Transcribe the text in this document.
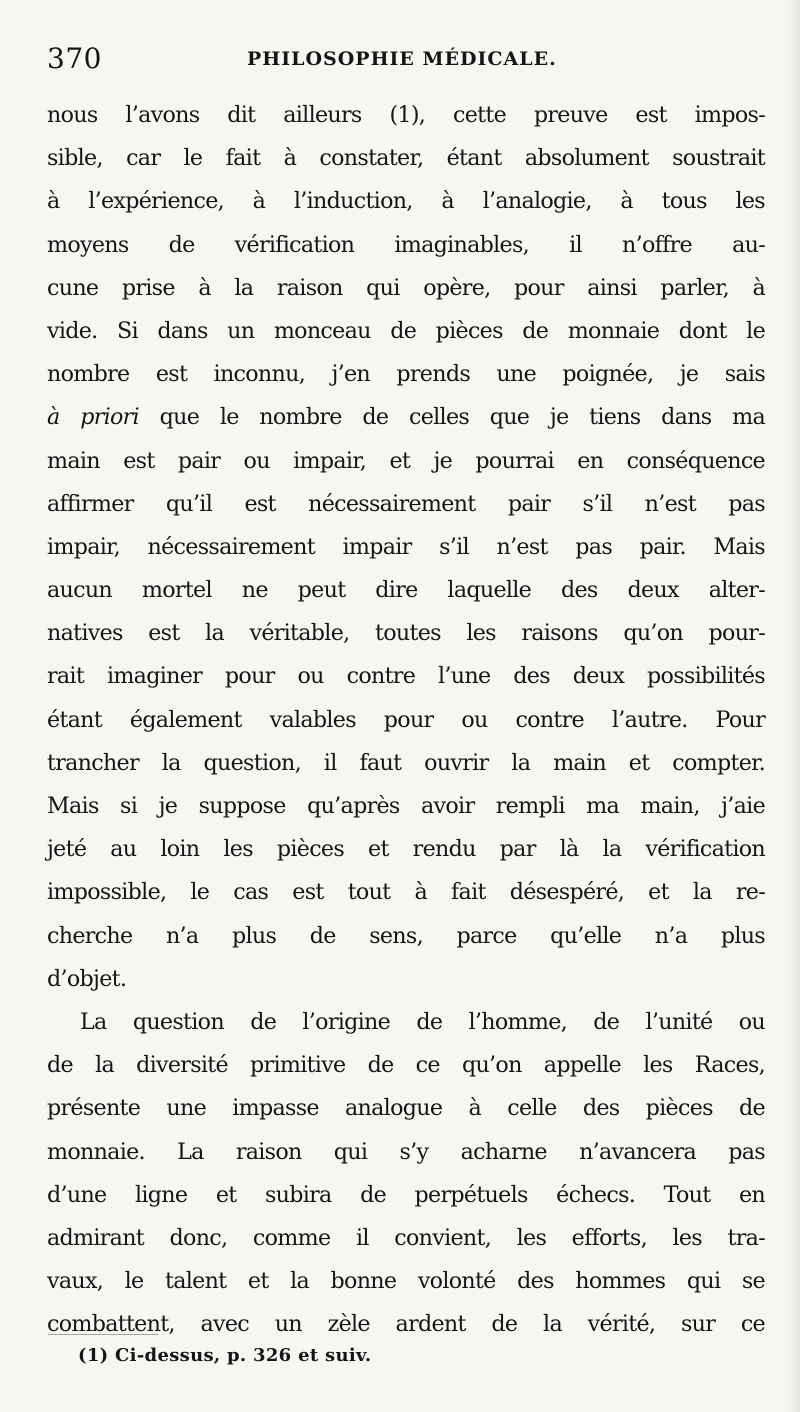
370	PHILOSOPHIE MÉDICALE.
nous l’avons dit ailleurs (1), cette preuve est impos-
sible, car le fait à constater, étant absolument soustrait
à l’expérience, à l’induction, à l’analogie, à tous les
moyens de vérification imaginables, il n’offre au-
cune prise à la raison qui opère, pour ainsi parler, à
vide. Si dans un monceau de pièces de monnaie dont le
nombre est inconnu, j’en prends une poignée, je sais
à priori que le nombre de celles que je tiens dans ma
main est pair ou impair, et je pourrai en conséquence
affirmer qu’il est nécessairement pair s’il n’est pas
impair, nécessairement impair s’il n’est pas pair. Mais
aucun mortel ne peut dire laquelle des deux alter-
natives est la véritable, toutes les raisons qu’on pour-
rait imaginer pour ou contre l’une des deux possibilités
étant également valables pour ou contre l’autre. Pour
trancher la question, il faut ouvrir la main et compter.
Mais si je suppose qu’après avoir rempli ma main, j’aie
jeté au loin les pièces et rendu par là la vérification
impossible, le cas est tout à fait désespéré, et la re-
cherche n’a plus de sens, parce qu’elle n’a plus
d’objet.
La question de l’origine de l’homme, de l’unité ou
de la diversité primitive de ce qu’on appelle les Races,
présente une impasse analogue à celle des pièces de
monnaie. La raison qui s’y acharne n’avancera pas
d’une ligne et subira de perpétuels échecs. Tout en
admirant donc, comme il convient, les efforts, les tra-
vaux, le talent et la bonne volonté des hommes qui se
combattent, avec un zèle ardent de la vérité, sur ce
(1) Ci-dessus, p. 326 et suiv.
